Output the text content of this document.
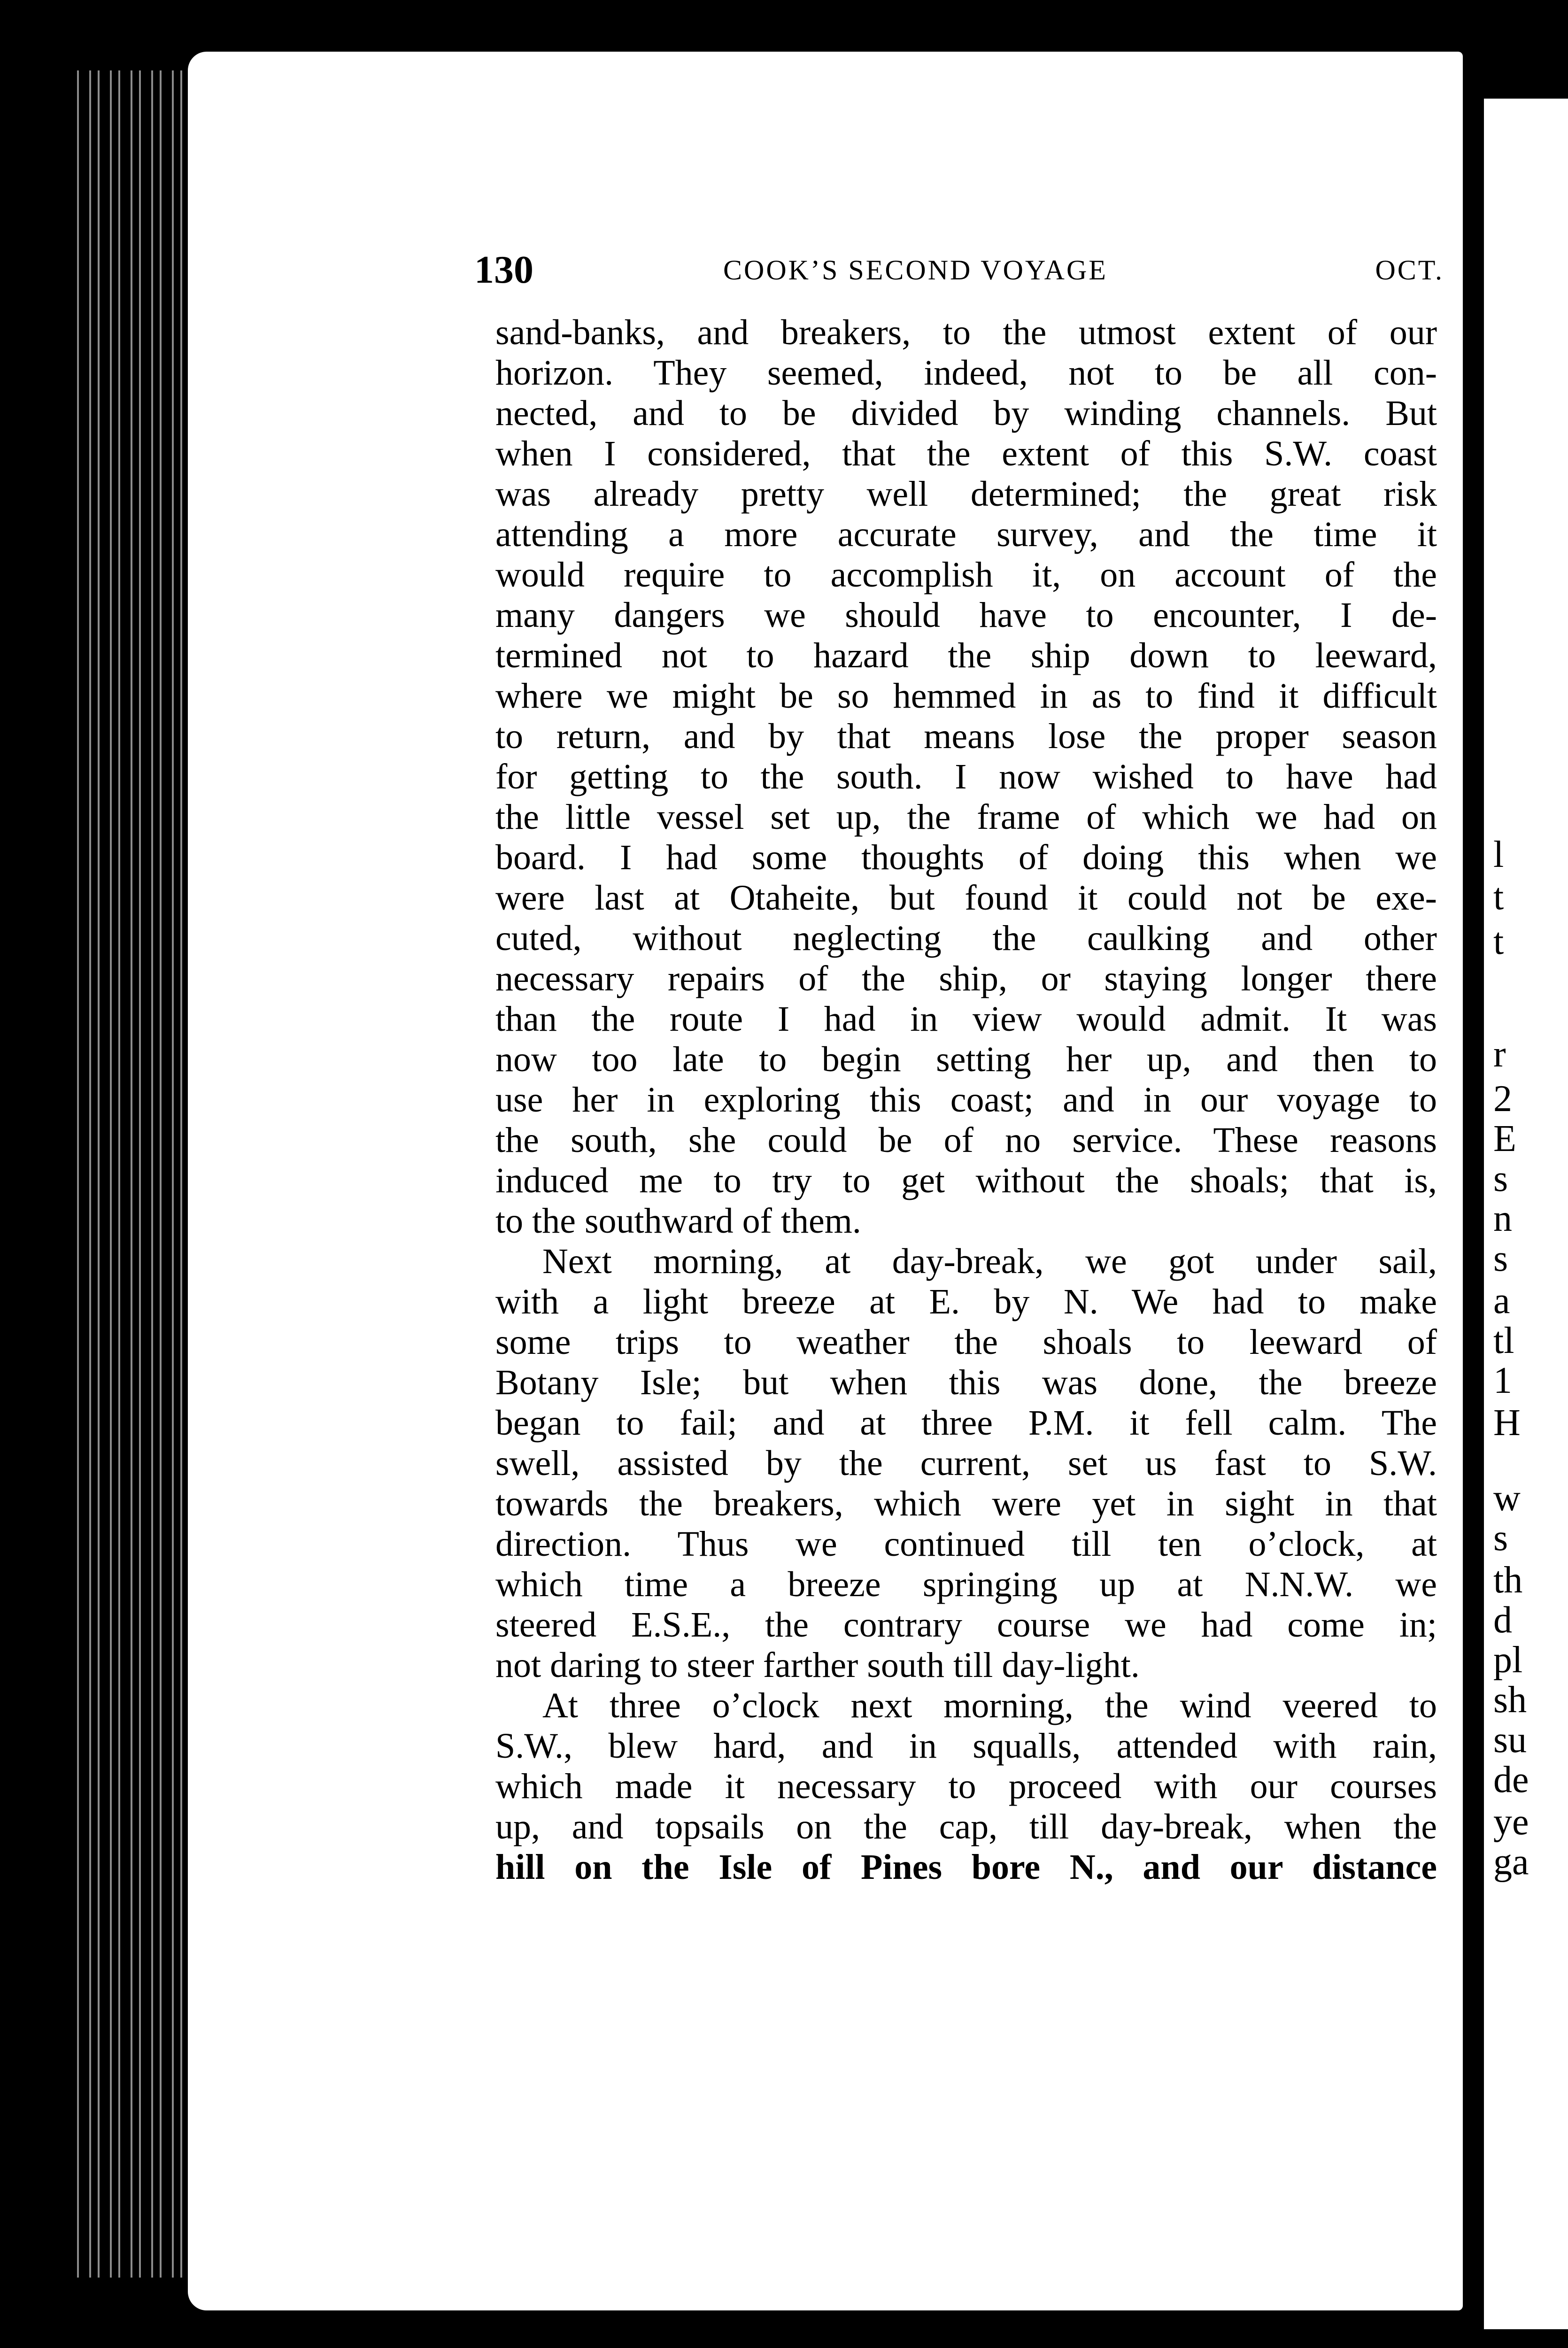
130	COOK’S SECOND VOYAGE	OCT.
sand-banks, and breakers, to the utmost extent of our
horizon. They seemed, indeed, not to be all con-
nected, and to be divided by winding channels. But
when I considered, that the extent of this S.W. coast
was already pretty well determined; the great risk
attending a more accurate survey, and the time it
would require to accomplish it, on account of the
many dangers we should have to encounter, I de-
termined not to hazard the ship down to leeward,
where we might be so hemmed in as to find it difficult
to return, and by that means lose the proper season
for getting to the south. I now wished to have had
the little vessel set up, the frame of which we had on
board. I had some thoughts of doing this when we
were last at Otaheite, but found it could not be exe-
cuted, without neglecting the caulking and other
necessary repairs of the ship, or staying longer there
than the route I had in view would admit. It was
now too late to begin setting her up, and then to
use her in exploring this coast; and in our voyage to
the south, she could be of no service. These reasons
induced me to try to get without the shoals; that is,
to the southward of them.
Next morning, at day-break, we got under sail,
with a light breeze at E. by N. We had to make
some trips to weather the shoals to leeward of
Botany Isle; but when this was done, the breeze
began to fail; and at three P.M. it fell calm. The
swell, assisted by the current, set us fast to S.W.
towards the breakers, which were yet in sight in that
direction. Thus we continued till ten o’clock, at
which time a breeze springing up at N.N.W. we
steered E.S.E., the contrary course we had come in;
not daring to steer farther south till day-light.
At three o’clock next morning, the wind veered to
S.W., blew hard, and in squalls, attended with rain,
which made it necessary to proceed with our courses
up, and topsails on the cap, till day-break, when the
hill on the Isle of Pines bore N., and our distance
l
t
t
r
2
E
s
n
s
a
tl
1
H
w
s
th
d
pl
sh
su
de
ye
ga
